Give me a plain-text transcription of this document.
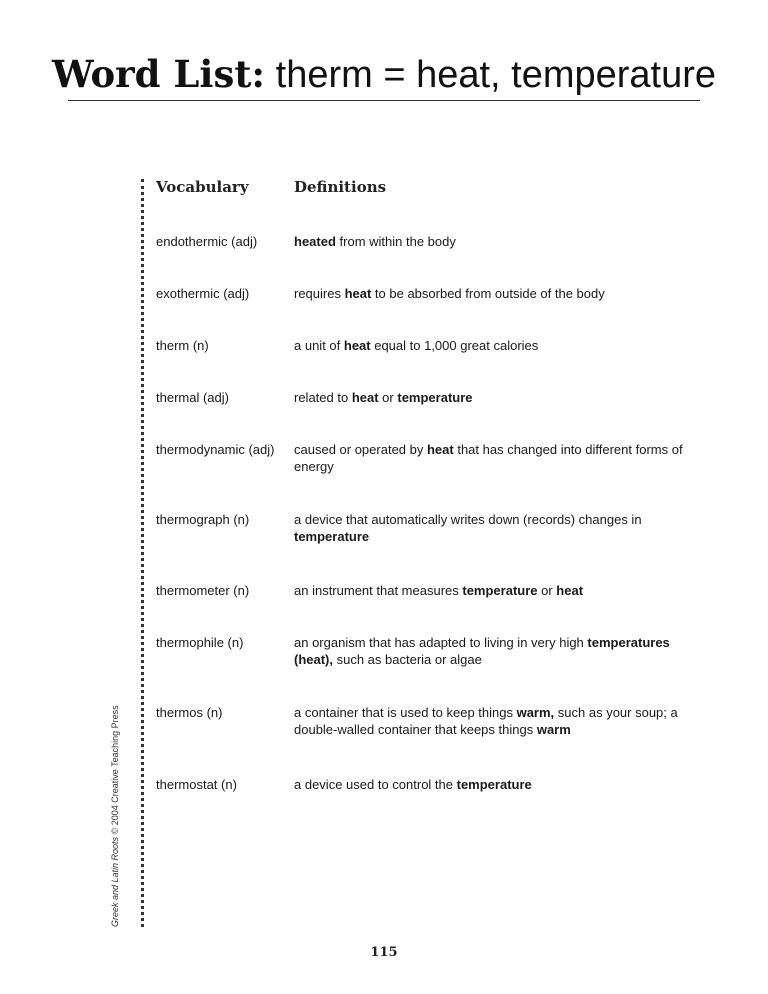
Word List: therm = heat, temperature
Greek and Latin Roots © 2004 Creative Teaching Press
Vocabulary	Definitions
endothermic (adj)	heated from within the body
exothermic (adj)	requires heat to be absorbed from outside of the body
therm (n)	a unit of heat equal to 1,000 great calories
thermal (adj)	related to heat or temperature
thermodynamic (adj) caused or operated by heat that has changed into different forms of energy
thermograph (n)	a device that automatically writes down (records) changes in temperature
thermometer (n)	an instrument that measures temperature or heat
thermophile (n)	an organism that has adapted to living in very high temperatures (heat), such as bacteria or algae
thermos (n)	a container that is used to keep things warm, such as your soup; a double-walled container that keeps things warm
thermostat (n)	a device used to control the temperature
115
